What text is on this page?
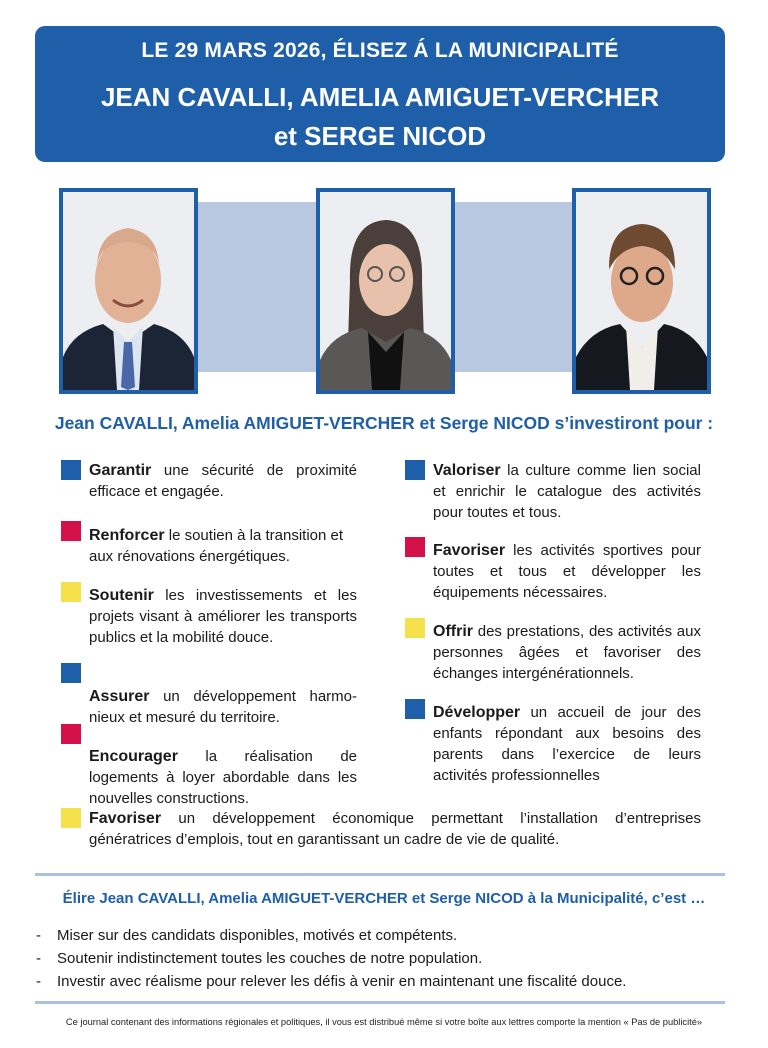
LE 29 MARS 2026, ÉLISEZ Á LA MUNICIPALITÉ
JEAN CAVALLI, AMELIA AMIGUET-VERCHER
et SERGE NICOD
Jean CAVALLI, Amelia AMIGUET-VERCHER et Serge NICOD s’investiront pour :
Garantir une sécurité de proximité efficace et engagée.
Renforcer le soutien à la transition et aux rénovations énergétiques.
Soutenir les investissements et les projets visant à améliorer les transports publics et la mobilité douce.
Assurer un développement harmo-nieux et mesuré du territoire.
Encourager la réalisation de logements à loyer abordable dans les nouvelles constructions.
Valoriser la culture comme lien social et enrichir le catalogue des activités pour toutes et tous.
Favoriser les activités sportives pour toutes et tous et développer les équipements nécessaires.
Offrir des prestations, des activités aux personnes âgées et favoriser des échanges intergénérationnels.
Développer un accueil de jour des enfants répondant aux besoins des parents dans l’exercice de leurs activités professionnelles
Favoriser un développement économique permettant l’installation d’entreprises génératrices d’emplois, tout en garantissant un cadre de vie de qualité.
Élire Jean CAVALLI, Amelia AMIGUET-VERCHER et Serge NICOD à la Municipalité, c’est …
-	Miser sur des candidats disponibles, motivés et compétents.
-	Soutenir indistinctement toutes les couches de notre population.
-	Investir avec réalisme pour relever les défis à venir en maintenant une fiscalité douce.
Ce journal contenant des informations régionales et politiques, il vous est distribué même si votre boîte aux lettres comporte la mention « Pas de publicité»
